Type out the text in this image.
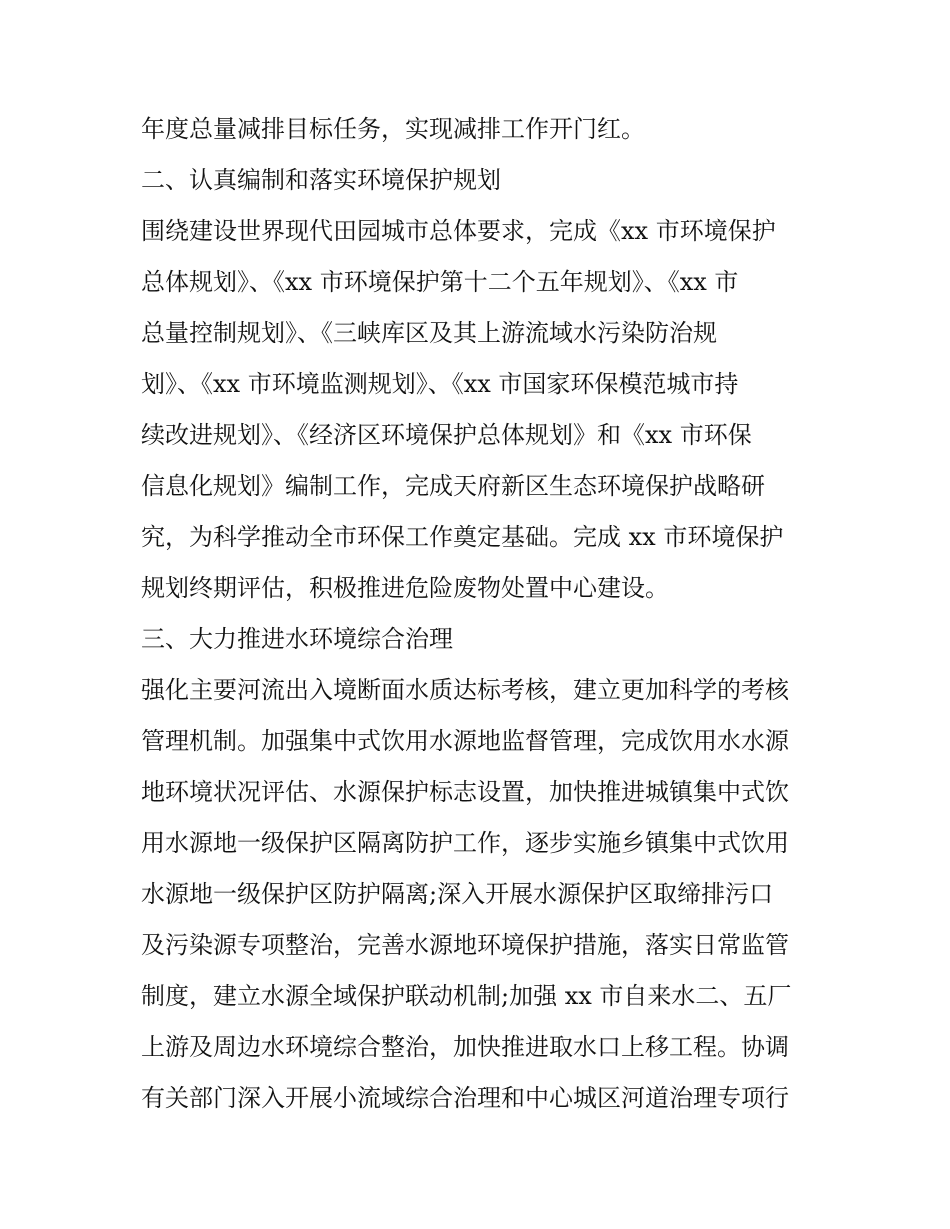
年度总量减排目标任务，实现减排工作开门红。
二、认真编制和落实环境保护规划
围绕建设世界现代田园城市总体要求，完成《xx 市环境保护
总体规划》、《xx 市环境保护第十二个五年规划》、《xx 市
总量控制规划》、《三峡库区及其上游流域水污染防治规
划》、《xx 市环境监测规划》、《xx 市国家环保模范城市持
续改进规划》、《经济区环境保护总体规划》和《xx 市环保
信息化规划》编制工作，完成天府新区生态环境保护战略研
究，为科学推动全市环保工作奠定基础。完成 xx 市环境保护
规划终期评估，积极推进危险废物处置中心建设。
三、大力推进水环境综合治理
强化主要河流出入境断面水质达标考核，建立更加科学的考核
管理机制。加强集中式饮用水源地监督管理，完成饮用水水源
地环境状况评估、水源保护标志设置，加快推进城镇集中式饮
用水源地一级保护区隔离防护工作，逐步实施乡镇集中式饮用
水源地一级保护区防护隔离;深入开展水源保护区取缔排污口
及污染源专项整治，完善水源地环境保护措施，落实日常监管
制度，建立水源全域保护联动机制;加强 xx 市自来水二、五厂
上游及周边水环境综合整治，加快推进取水口上移工程。协调
有关部门深入开展小流域综合治理和中心城区河道治理专项行
